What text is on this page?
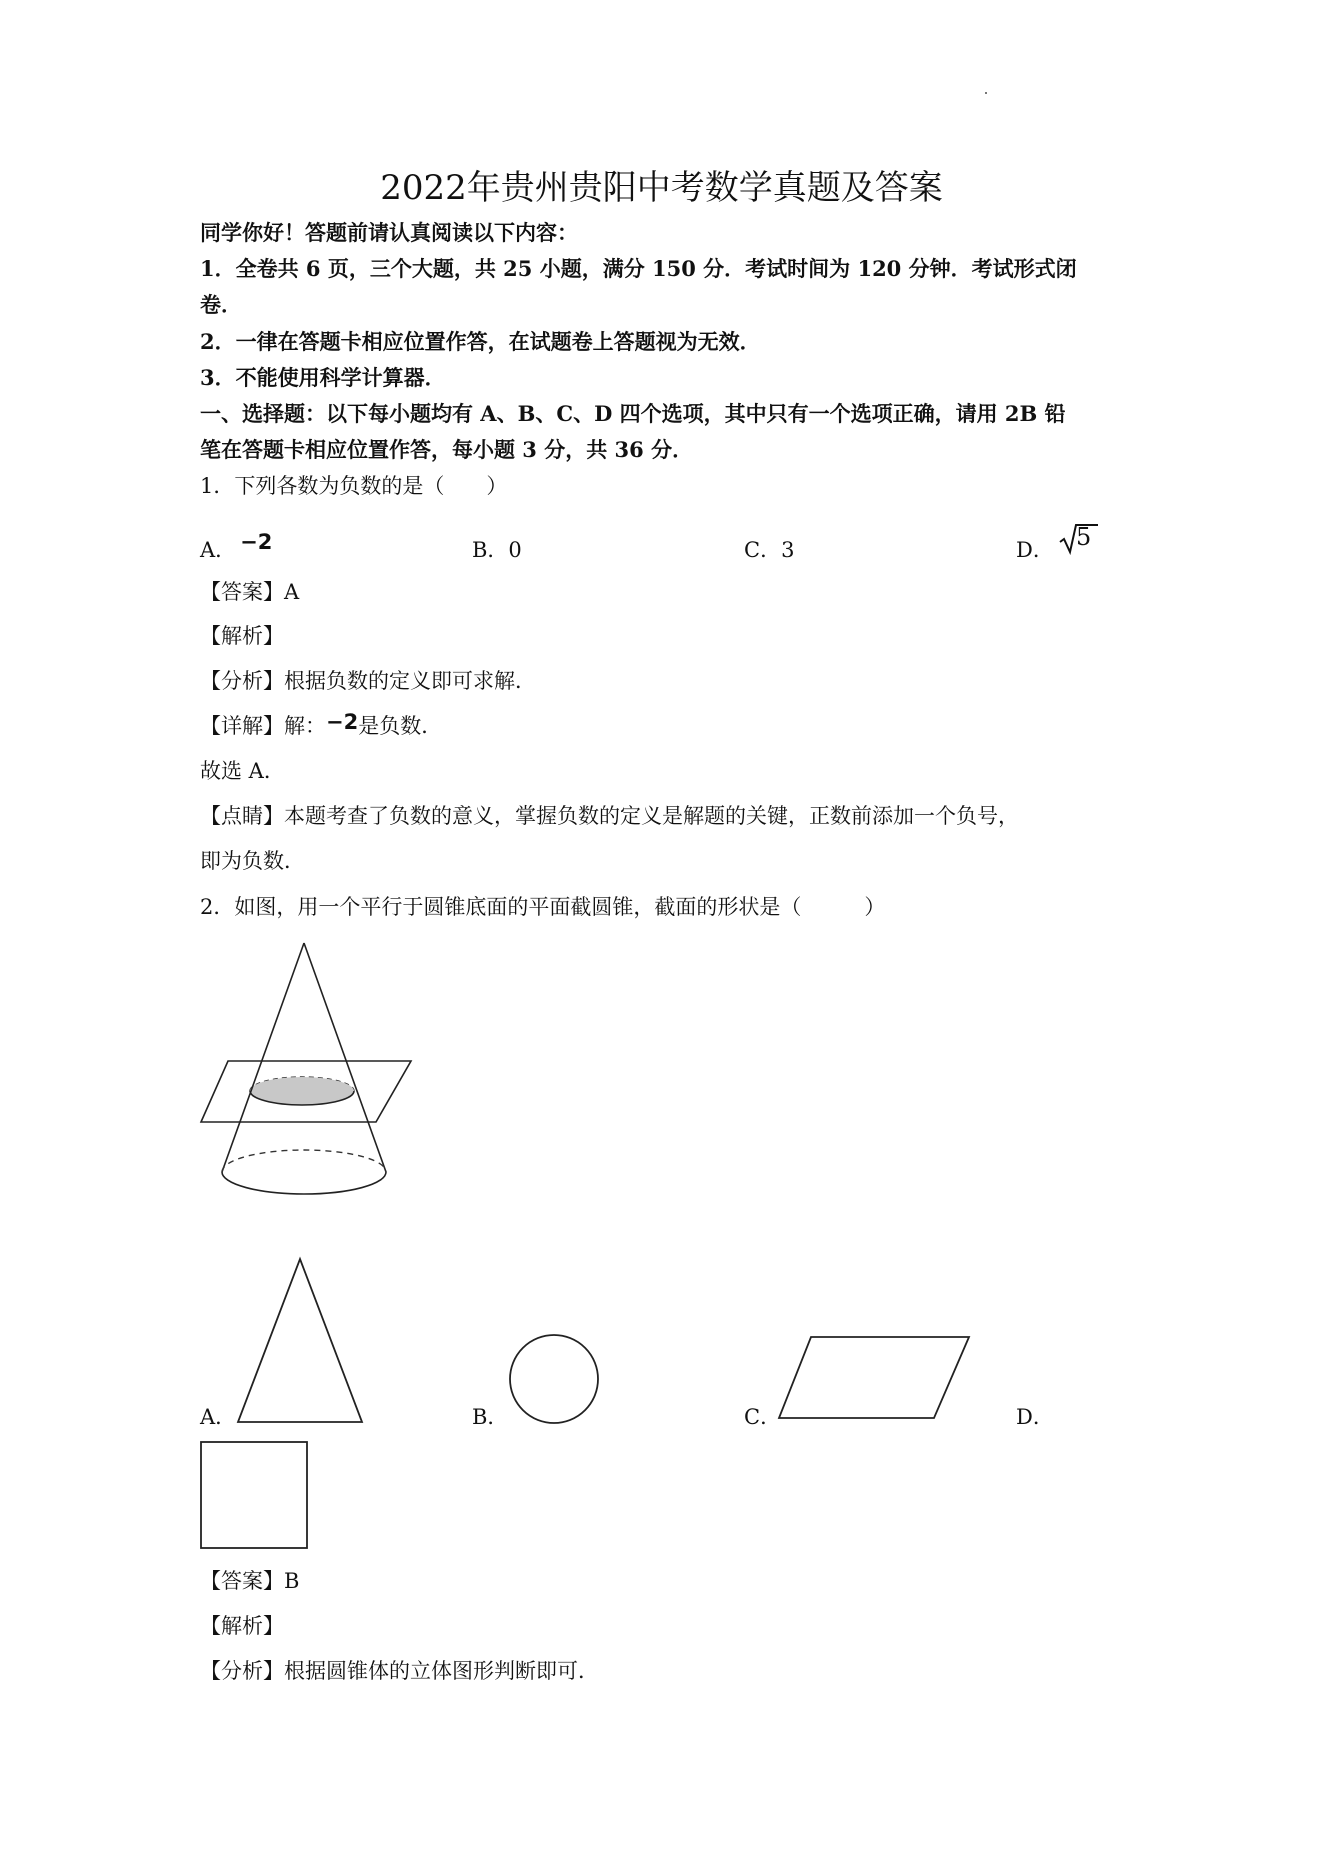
2022年贵州贵阳中考数学真题及答案
同学你好！答题前请认真阅读以下内容：
1．全卷共 6 页，三个大题，共 25 小题，满分 150 分．考试时间为 120 分钟．考试形式闭
卷．
2．一律在答题卡相应位置作答，在试题卷上答题视为无效．
3．不能使用科学计算器．
一、选择题：以下每小题均有 A、B、C、D 四个选项，其中只有一个选项正确，请用 2B 铅
笔在答题卡相应位置作答，每小题 3 分，共 36 分．
1．下列各数为负数的是（　　）
A． −2	B．0	C．3	D． 5
【答案】A
【解析】
【分析】根据负数的定义即可求解．
【详解】解：−2是负数．
故选 A．
【点睛】本题考查了负数的意义，掌握负数的定义是解题的关键，正数前添加一个负号，
即为负数．
2．如图，用一个平行于圆锥底面的平面截圆锥，截面的形状是（　　　）
A．	B．	C．	D．
【答案】B
【解析】
【分析】根据圆锥体的立体图形判断即可．
